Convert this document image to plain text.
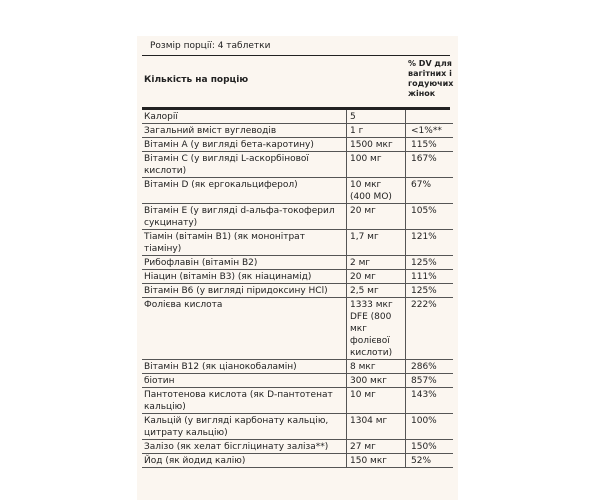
Розмір порції: 4 таблетки
Кількість на порцію
% DV для вагітних і годуючих жінок
Калорії	5	
Загальний вміст вуглеводів	1 г	<1%**
Вітамін А (у вигляді бета-каротину)	1500 мкг	115%
Вітамін С (у вигляді L-аскорбінової кислоти)	100 мг	167%
Вітамін D (як ергокальциферол)	10 мкг (400 МО)	67%
Вітамін Е (у вигляді d-альфа-токоферил сукцинату)	20 мг	105%
Тіамін (вітамін В1) (як мононітрат тіаміну)	1,7 мг	121%
Рибофлавін (вітамін В2)	2 мг	125%
Ніацин (вітамін В3) (як ніацинамід)	20 мг	111%
Вітамін В6 (у вигляді піридоксину HCl)	2,5 мг	125%
Фолієва кислота	1333 мкг DFE (800 мкг фолієвої кислоти)	222%
Вітамін В12 (як ціанокобаламін)	8 мкг	286%
біотин	300 мкг	857%
Пантотенова кислота (як D-пантотенат кальцію)	10 мг	143%
Кальцій (у вигляді карбонату кальцію, цитрату кальцію)	1304 мг	100%
Залізо (як хелат бісгліцинату заліза**)	27 мг	150%
Йод (як йодид калію)	150 мкг	52%
